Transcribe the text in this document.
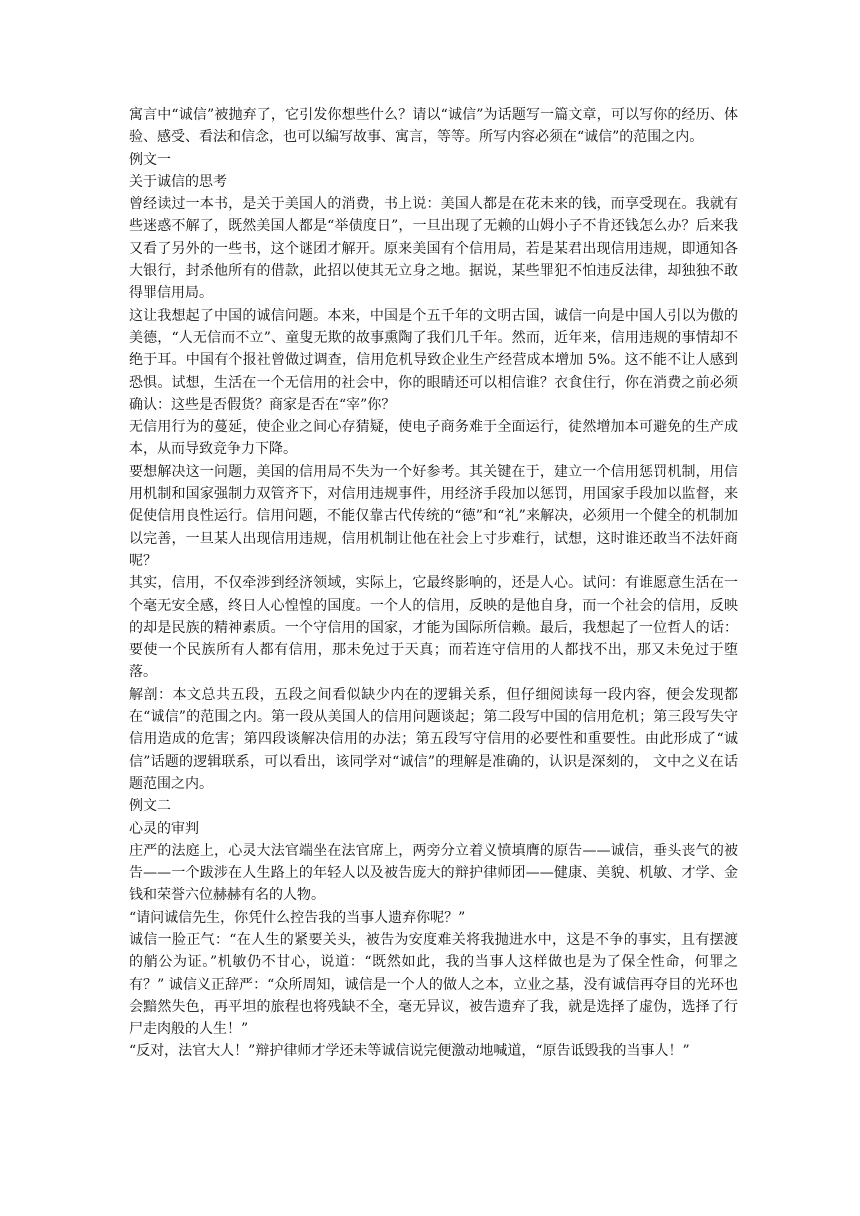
寓言中“诚信”被抛弃了，它引发你想些什么？请以“诚信”为话题写一篇文章，可以写你的经历、体验、感受、看法和信念，也可以编写故事、寓言，等等。所写内容必须在“诚信”的范围之内。

例文一
关于诚信的思考

曾经读过一本书，是关于美国人的消费，书上说：美国人都是在花未来的钱，而享受现在。我就有些迷惑不解了，既然美国人都是“举债度日”，一旦出现了无赖的山姆小子不肯还钱怎么办？后来我又看了另外的一些书，这个谜团才解开。原来美国有个信用局，若是某君出现信用违规，即通知各大银行，封杀他所有的借款，此招以使其无立身之地。据说，某些罪犯不怕违反法律，却独独不敢得罪信用局。

这让我想起了中国的诚信问题。本来，中国是个五千年的文明古国，诚信一向是中国人引以为傲的美德，“人无信而不立”、童叟无欺的故事熏陶了我们几千年。然而，近年来，信用违规的事情却不绝于耳。中国有个报社曾做过调查，信用危机导致企业生产经营成本增加 5%。这不能不让人感到恐惧。试想，生活在一个无信用的社会中，你的眼睛还可以相信谁？衣食住行，你在消费之前必须确认：这些是否假货？商家是否在“宰”你？

无信用行为的蔓延，使企业之间心存猜疑，使电子商务难于全面运行，徒然增加本可避免的生产成本，从而导致竞争力下降。

要想解决这一问题，美国的信用局不失为一个好参考。其关键在于，建立一个信用惩罚机制，用信用机制和国家强制力双管齐下，对信用违规事件，用经济手段加以惩罚，用国家手段加以监督，来促使信用良性运行。信用问题，不能仅靠古代传统的“德”和“礼”来解决，必须用一个健全的机制加以完善，一旦某人出现信用违规，信用机制让他在社会上寸步难行，试想，这时谁还敢当不法奸商呢？

其实，信用，不仅牵涉到经济领域，实际上，它最终影响的，还是人心。试问：有谁愿意生活在一个毫无安全感，终日人心惶惶的国度。一个人的信用，反映的是他自身，而一个社会的信用，反映的却是民族的精神素质。一个守信用的国家，才能为国际所信赖。最后，我想起了一位哲人的话：要使一个民族所有人都有信用，那未免过于天真；而若连守信用的人都找不出，那又未免过于堕落。

解剖：本文总共五段，五段之间看似缺少内在的逻辑关系，但仔细阅读每一段内容，便会发现都在“诚信”的范围之内。第一段从美国人的信用问题谈起；第二段写中国的信用危机；第三段写失守信用造成的危害；第四段谈解决信用的办法；第五段写守信用的必要性和重要性。由此形成了“诚信”话题的逻辑联系，可以看出，该同学对“诚信”的理解是准确的，认识是深刻的， 文中之义在话题范围之内。

例文二
心灵的审判

庄严的法庭上，心灵大法官端坐在法官席上，两旁分立着义愤填膺的原告——诚信，垂头丧气的被告——一个跋涉在人生路上的年轻人以及被告庞大的辩护律师团——健康、美貌、机敏、才学、金钱和荣誉六位赫赫有名的人物。

“请问诚信先生，你凭什么控告我的当事人遗弃你呢？”

诚信一脸正气：“在人生的紧要关头，被告为安度难关将我抛进水中，这是不争的事实，且有摆渡的艄公为证。”机敏仍不甘心，说道：“既然如此，我的当事人这样做也是为了保全性命，何罪之有？” 诚信义正辞严：“众所周知，诚信是一个人的做人之本，立业之基，没有诚信再夺目的光环也会黯然失色，再平坦的旅程也将残缺不全，毫无异议，被告遗弃了我，就是选择了虚伪，选择了行尸走肉般的人生！”

“反对，法官大人！”辩护律师才学还未等诚信说完便激动地喊道，“原告诋毁我的当事人！”
